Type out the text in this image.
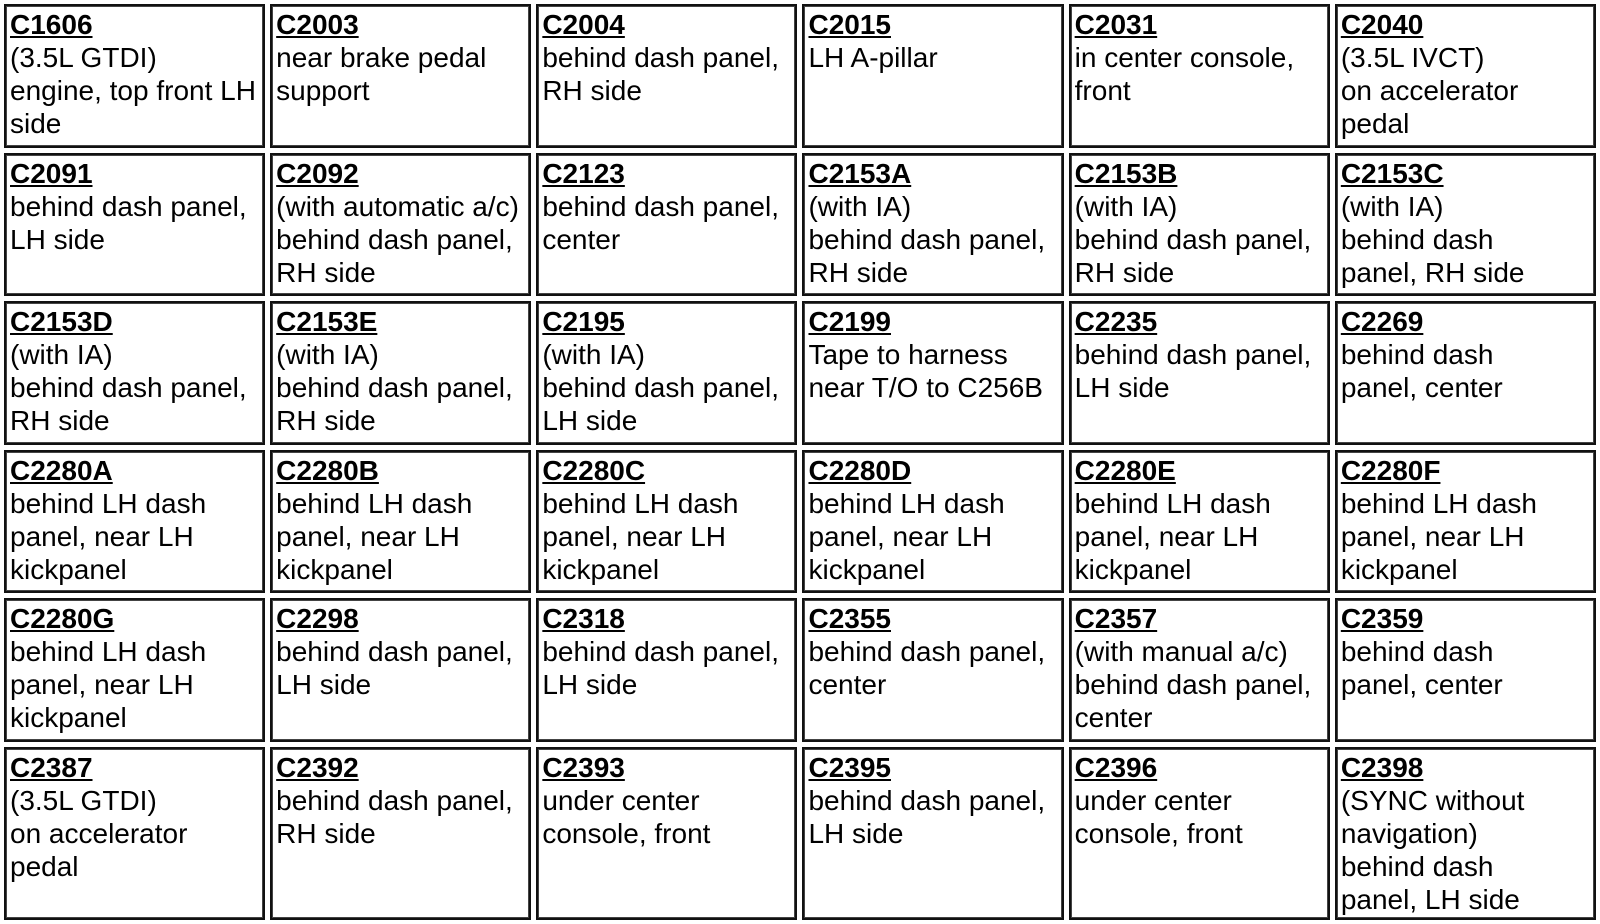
C1606
(3.5L GTDI)
engine, top front LH
side
C2003
near brake pedal
support
C2004
behind dash panel,
RH side
C2015
LH A-pillar
C2031
in center console,
front
C2040
(3.5L IVCT)
on accelerator
pedal
C2091
behind dash panel,
LH side
C2092
(with automatic a/c)
behind dash panel,
RH side
C2123
behind dash panel,
center
C2153A
(with IA)
behind dash panel,
RH side
C2153B
(with IA)
behind dash panel,
RH side
C2153C
(with IA)
behind dash
panel, RH side
C2153D
(with IA)
behind dash panel,
RH side
C2153E
(with IA)
behind dash panel,
RH side
C2195
(with IA)
behind dash panel,
LH side
C2199
Tape to harness
near T/O to C256B
C2235
behind dash panel,
LH side
C2269
behind dash
panel, center
C2280A
behind LH dash
panel, near LH
kickpanel
C2280B
behind LH dash
panel, near LH
kickpanel
C2280C
behind LH dash
panel, near LH
kickpanel
C2280D
behind LH dash
panel, near LH
kickpanel
C2280E
behind LH dash
panel, near LH
kickpanel
C2280F
behind LH dash
panel, near LH
kickpanel
C2280G
behind LH dash
panel, near LH
kickpanel
C2298
behind dash panel,
LH side
C2318
behind dash panel,
LH side
C2355
behind dash panel,
center
C2357
(with manual a/c)
behind dash panel,
center
C2359
behind dash
panel, center
C2387
(3.5L GTDI)
on accelerator
pedal
C2392
behind dash panel,
RH side
C2393
under center
console, front
C2395
behind dash panel,
LH side
C2396
under center
console, front
C2398
(SYNC without
navigation)
behind dash
panel, LH side
